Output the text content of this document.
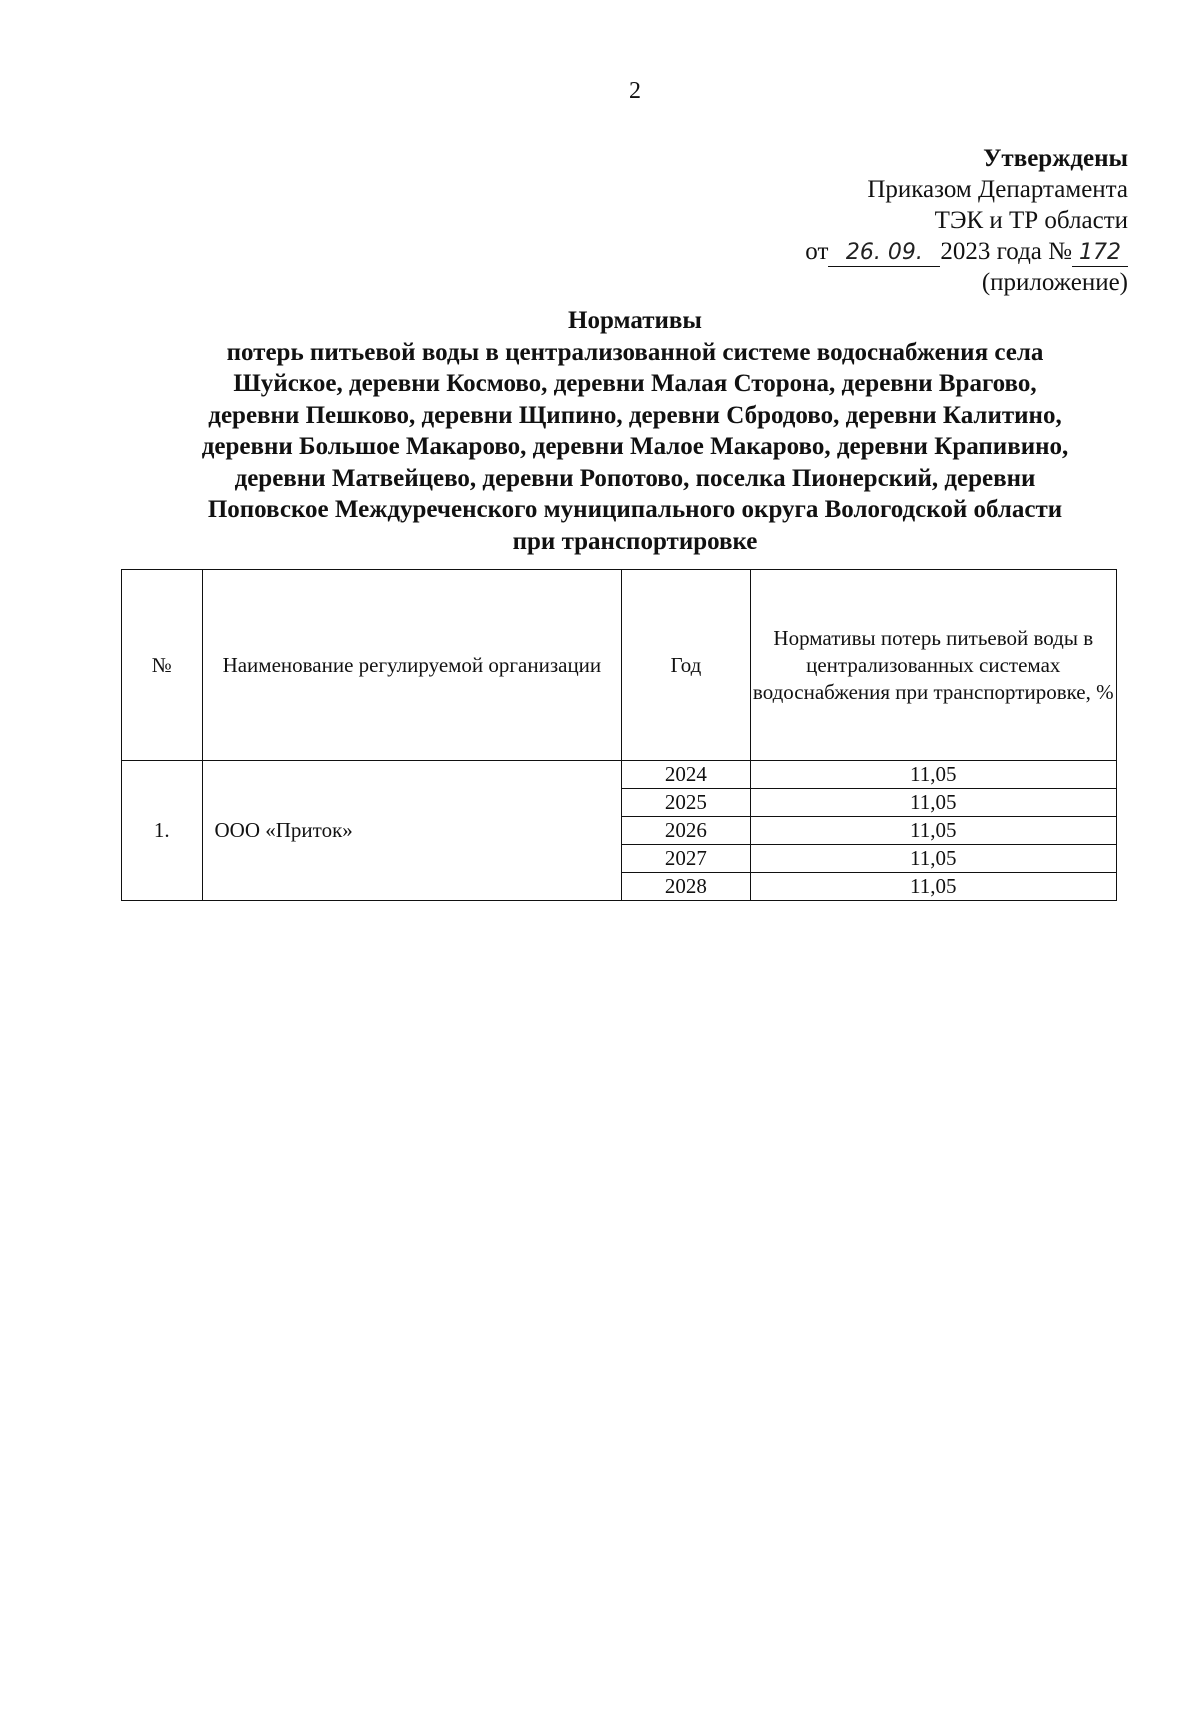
2
Утверждены
Приказом Департамента
ТЭК и ТР области
от 26. 09. 2023 года № 172
(приложение)
Нормативы
потерь питьевой воды в централизованной системе водоснабжения села
Шуйское, деревни Космово, деревни Малая Сторона, деревни Врагово,
деревни Пешково, деревни Щипино, деревни Сбродово, деревни Калитино,
деревни Большое Макарово, деревни Малое Макарово, деревни Крапивино,
деревни Матвейцево, деревни Ропотово, поселка Пионерский, деревни
Поповское Междуреченского муниципального округа Вологодской области
при транспортировке
№	Наименование регулируемой организации	Год	Нормативы потерь питьевой воды в централизованных системах водоснабжения при транспортировке, %
1.	ООО «Приток»	2024	11,05
		2025	11,05
		2026	11,05
		2027	11,05
		2028	11,05
